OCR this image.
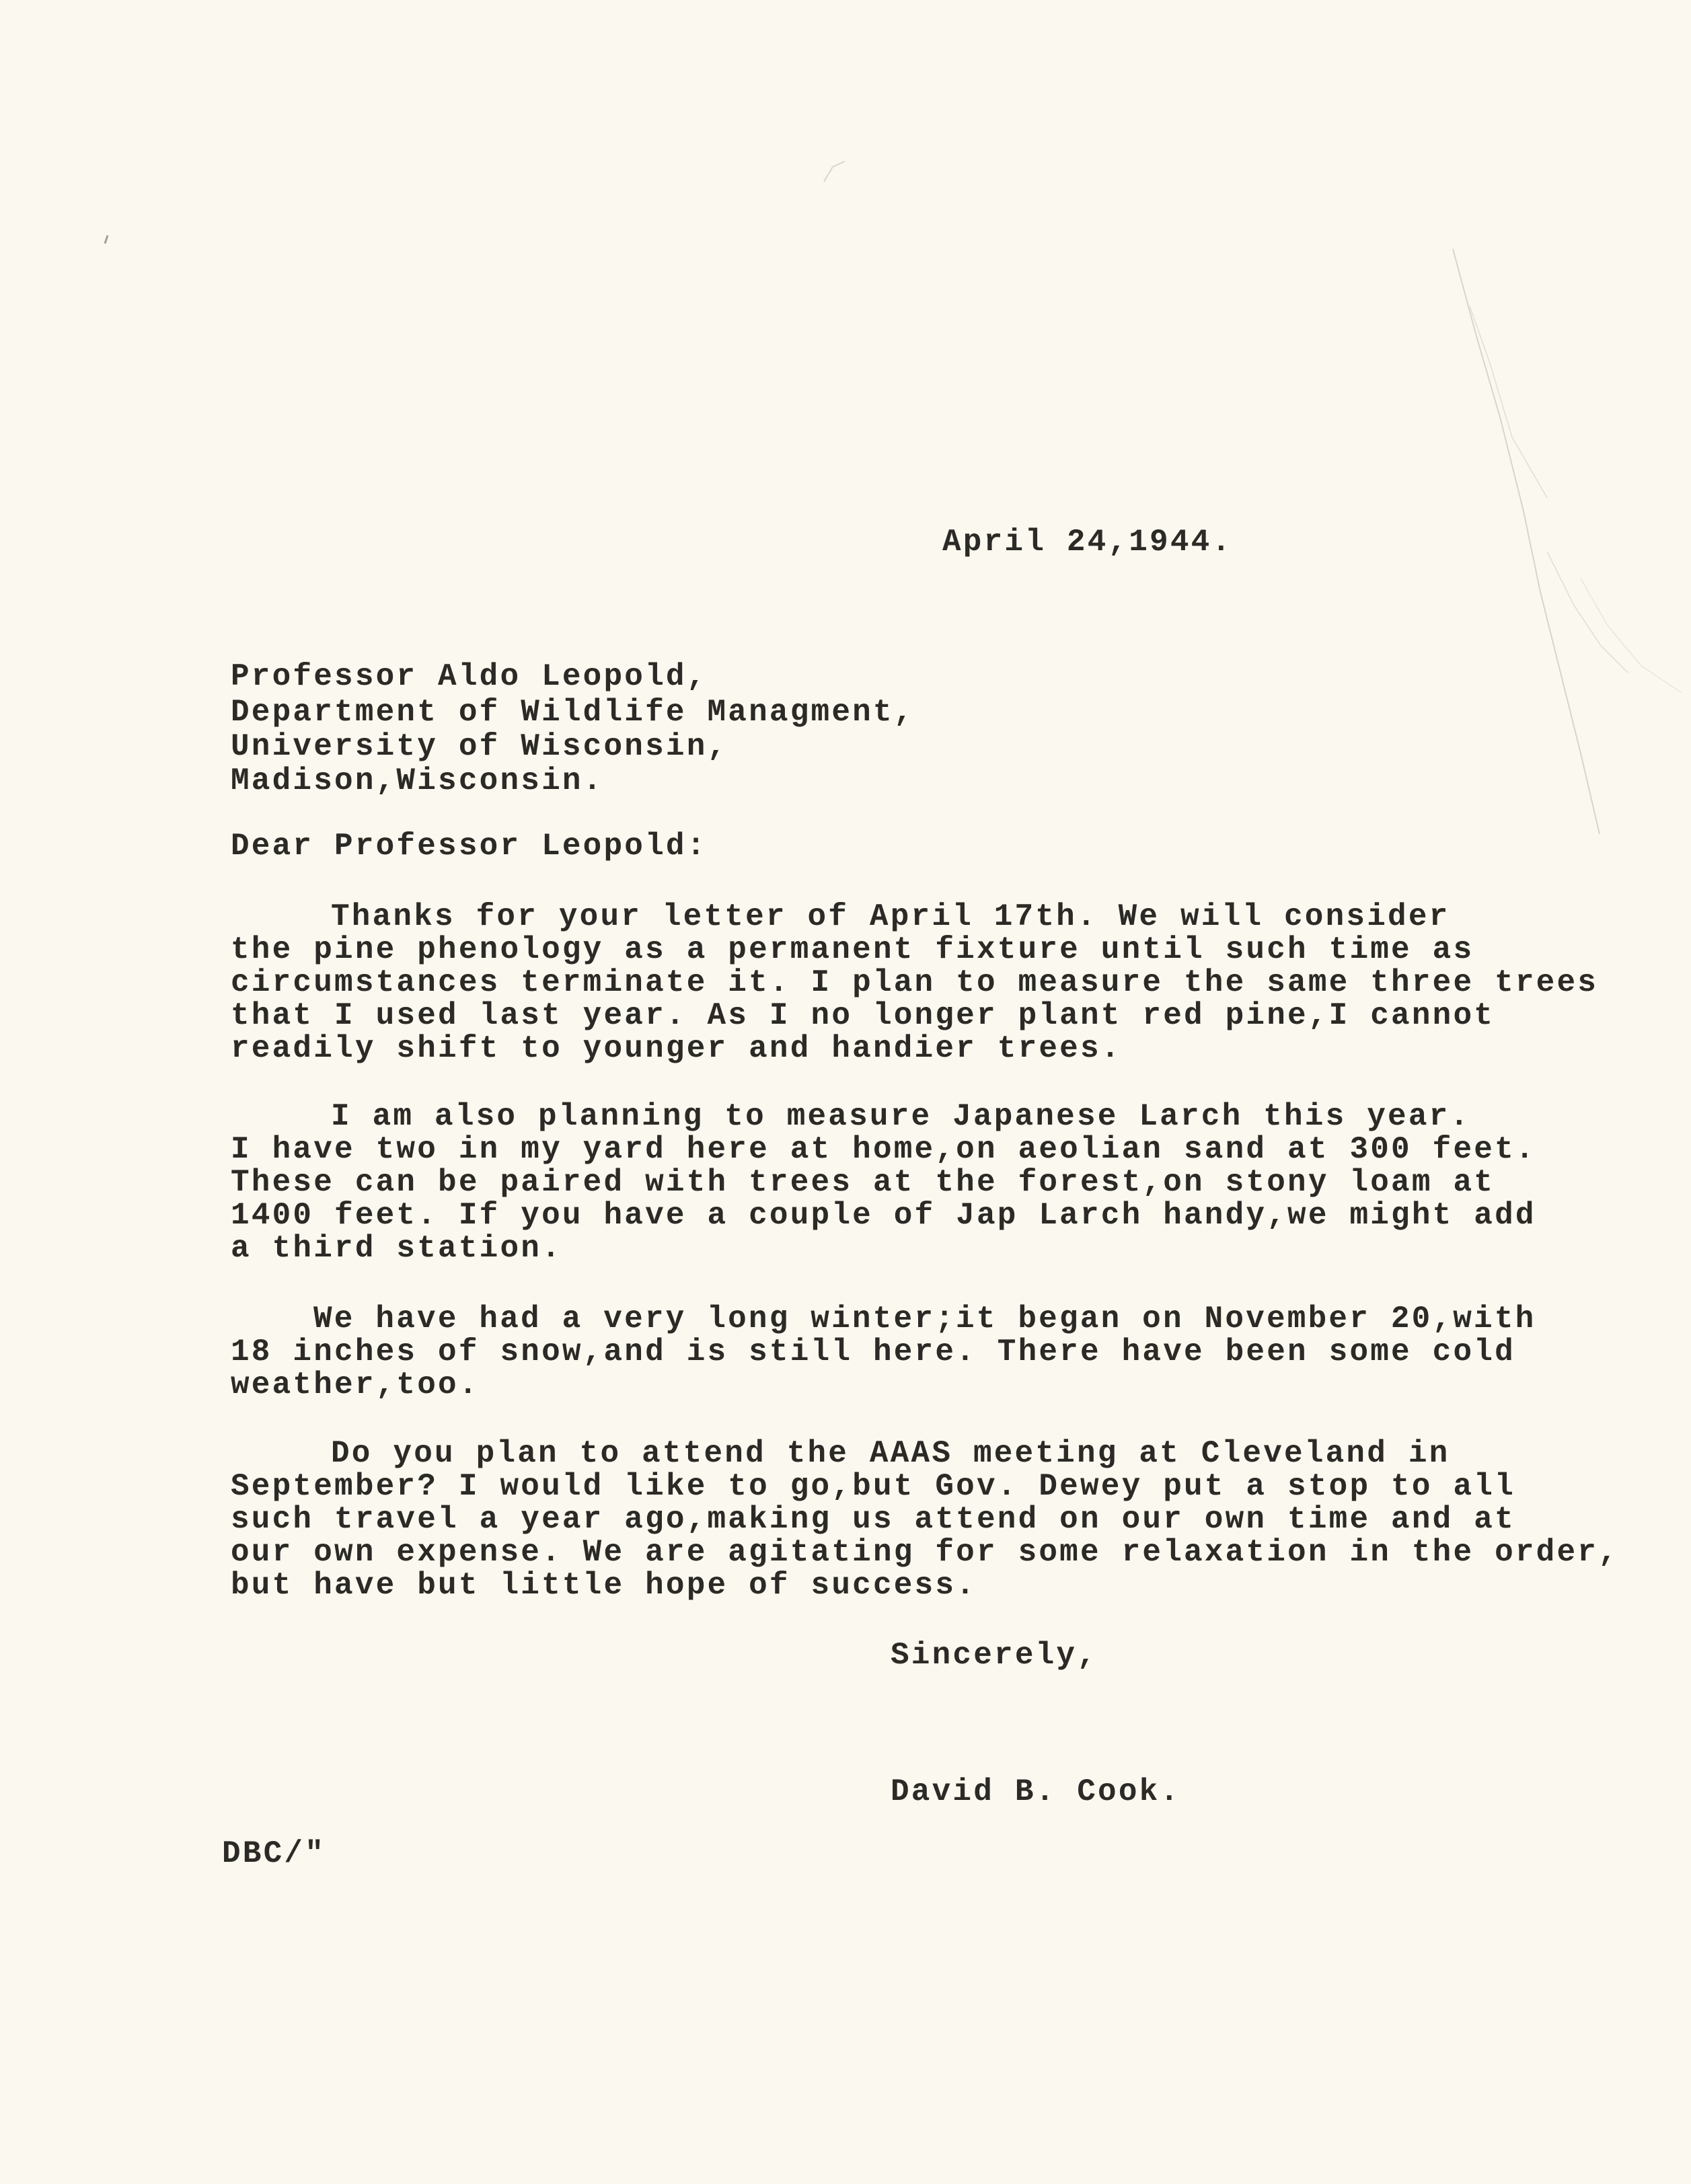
April 24,1944.

Professor Aldo Leopold,

Department of Wildlife Managment,

University of Wisconsin,

Madison,Wisconsin.

Dear Professor Leopold:

Thanks for your letter of April 17th. We will consider

the pine phenology as a permanent fixture until such time as

circumstances terminate it. I plan to measure the same three trees

that I used last year. As I no longer plant red pine,I cannot

readily shift to younger and handier trees.

I am also planning to measure Japanese Larch this year.

I have two in my yard here at home,on aeolian sand at 300 feet.

These can be paired with trees at the forest,on stony loam at

1400 feet. If you have a couple of Jap Larch handy,we might add

a third station.

We have had a very long winter;it began on November 20,with

18 inches of snow,and is still here. There have been some cold

weather,too.

Do you plan to attend the AAAS meeting at Cleveland in

September? I would like to go,but Gov. Dewey put a stop to all

such travel a year ago,making us attend on our own time and at

our own expense. We are agitating for some relaxation in the order,

but have but little hope of success.

Sincerely,

David B. Cook.

DBC/"
